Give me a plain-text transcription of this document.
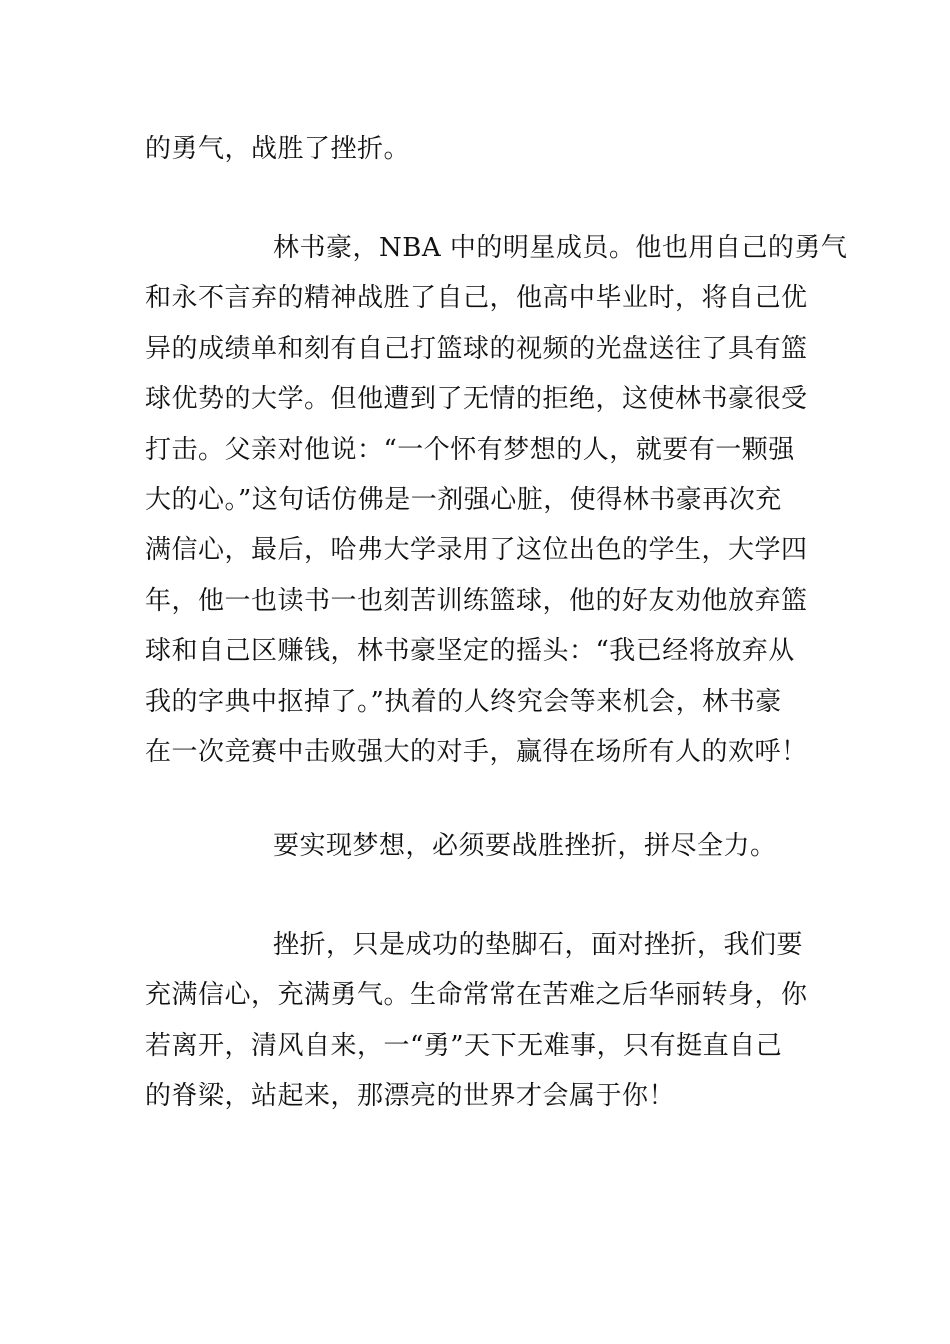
的勇气，战胜了挫折。
林书豪，NBA 中的明星成员。他也用自己的勇气
和永不言弃的精神战胜了自己，他高中毕业时，将自己优
异的成绩单和刻有自己打篮球的视频的光盘送往了具有篮
球优势的大学。但他遭到了无情的拒绝，这使林书豪很受
打击。父亲对他说：“一个怀有梦想的人，就要有一颗强
大的心。”这句话仿佛是一剂强心脏，使得林书豪再次充
满信心，最后，哈弗大学录用了这位出色的学生，大学四
年，他一也读书一也刻苦训练篮球，他的好友劝他放弃篮
球和自己区赚钱，林书豪坚定的摇头：“我已经将放弃从
我的字典中抠掉了。”执着的人终究会等来机会，林书豪
在一次竞赛中击败强大的对手，赢得在场所有人的欢呼！
要实现梦想，必须要战胜挫折，拼尽全力。
挫折，只是成功的垫脚石，面对挫折，我们要
充满信心，充满勇气。生命常常在苦难之后华丽转身，你
若离开，清风自来，一“勇”天下无难事，只有挺直自己
的脊梁，站起来，那漂亮的世界才会属于你！
